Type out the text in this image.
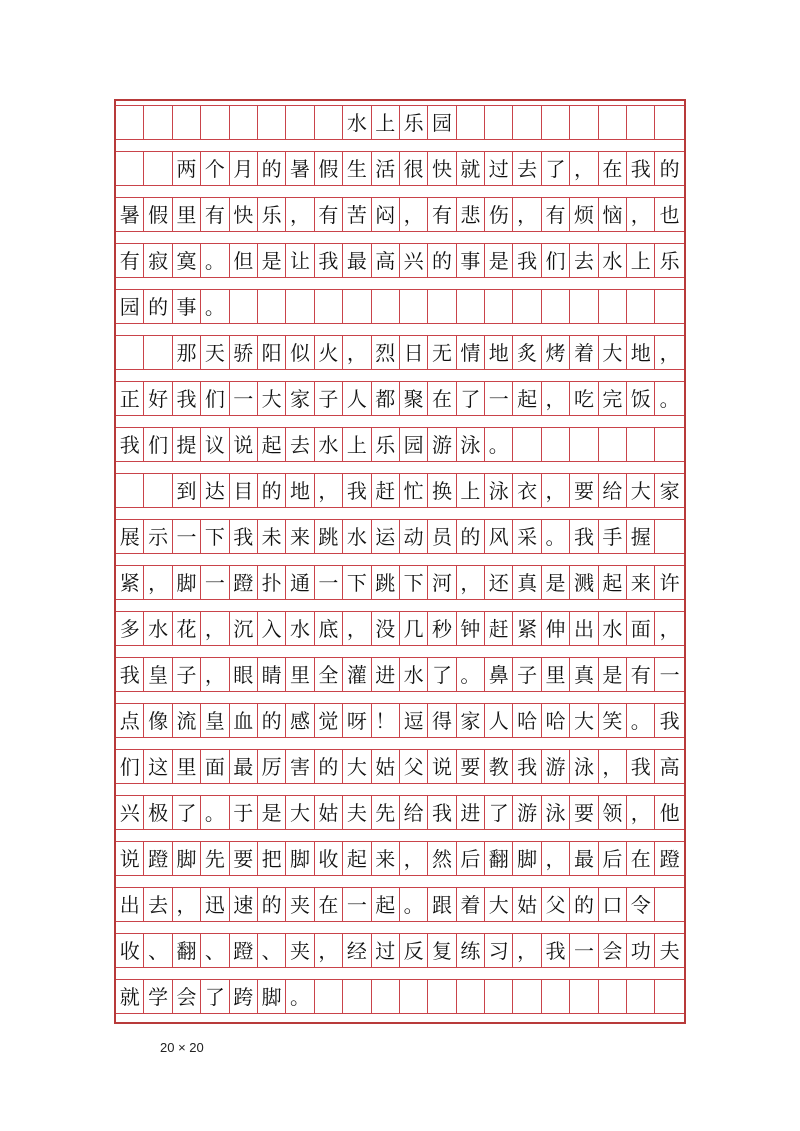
水 上 乐 园
两 个 月 的 暑 假 生 活 很 快 就 过 去 了 ， 在 我 的
暑 假 里 有 快 乐 ， 有 苦 闷 ， 有 悲 伤 ， 有 烦 恼 ， 也
有 寂 寞 。 但 是 让 我 最 高 兴 的 事 是 我 们 去 水 上 乐
园 的 事 。
那 天 骄 阳 似 火 ， 烈 日 无 情 地 炙 烤 着 大 地 ，
正 好 我 们 一 大 家 子 人 都 聚 在 了 一 起 ， 吃 完 饭 。
我 们 提 议 说 起 去 水 上 乐 园 游 泳 。
到 达 目 的 地 ， 我 赶 忙 换 上 泳 衣 ， 要 给 大 家
展 示 一 下 我 未 来 跳 水 运 动 员 的 风 采 。 我 手 握
紧 ， 脚 一 蹬 扑 通 一 下 跳 下 河 ， 还 真 是 溅 起 来 许
多 水 花 ， 沉 入 水 底 ， 没 几 秒 钟 赶 紧 伸 出 水 面 ，
我 皇 子 ， 眼 睛 里 全 灌 进 水 了 。 鼻 子 里 真 是 有 一
点 像 流 皇 血 的 感 觉 呀 ！ 逗 得 家 人 哈 哈 大 笑 。 我
们 这 里 面 最 厉 害 的 大 姑 父 说 要 教 我 游 泳 ， 我 高
兴 极 了 。 于 是 大 姑 夫 先 给 我 进 了 游 泳 要 领 ， 他
说 蹬 脚 先 要 把 脚 收 起 来 ， 然 后 翻 脚 ， 最 后 在 蹬
出 去 ， 迅 速 的 夹 在 一 起 。 跟 着 大 姑 父 的 口 令
收 、 翻 、 蹬 、 夹 ， 经 过 反 复 练 习 ， 我 一 会 功 夫
就 学 会 了 跨 脚 。
20 × 20
